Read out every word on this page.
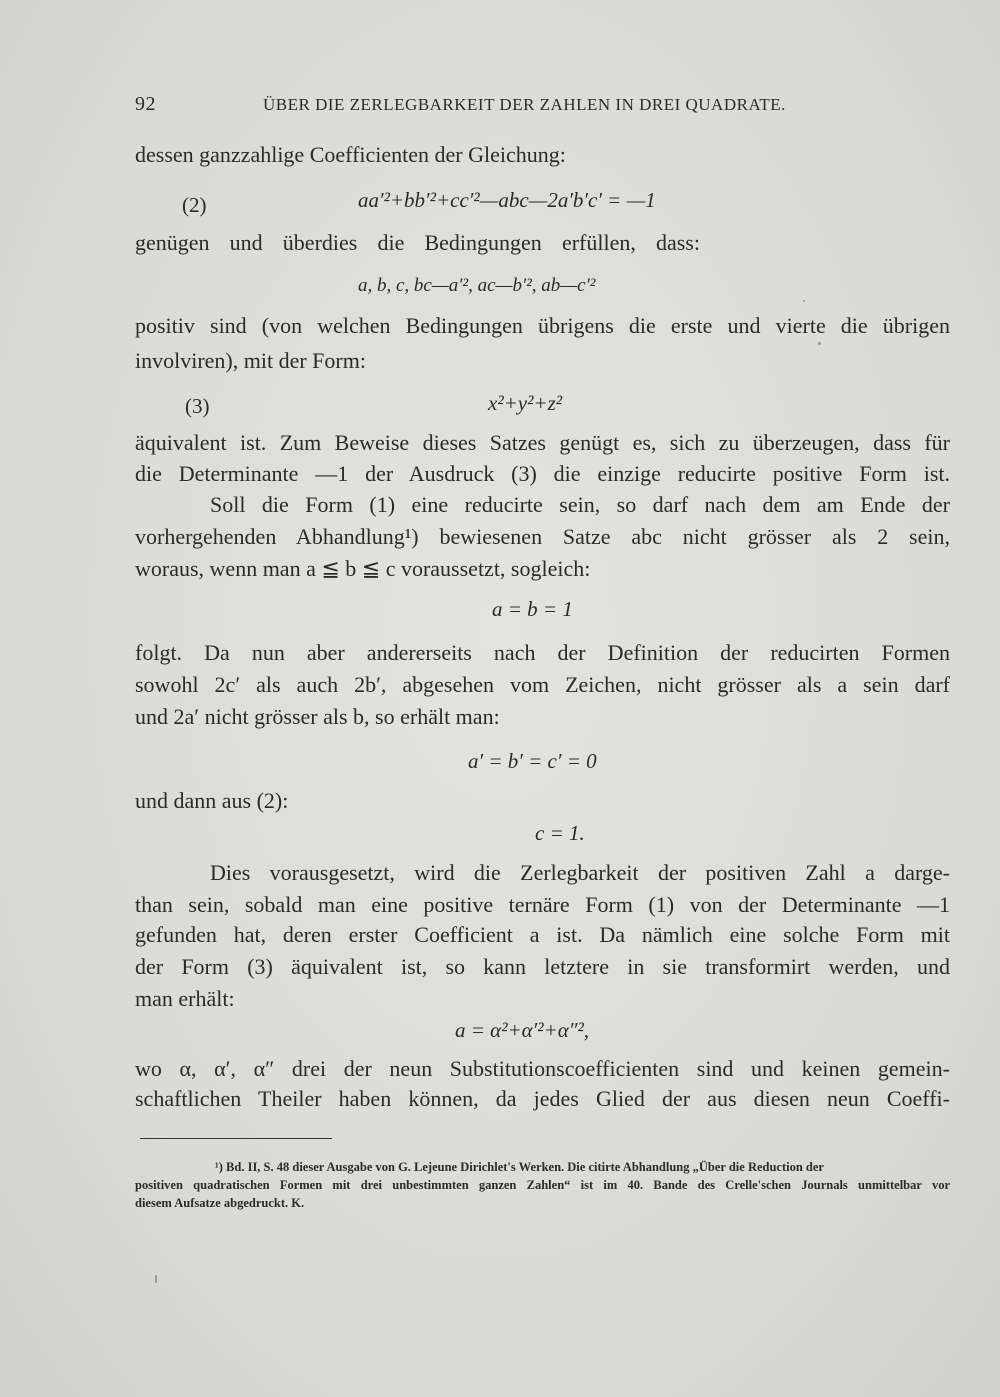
92	ÜBER DIE ZERLEGBARKEIT DER ZAHLEN IN DREI QUADRATE.
dessen ganzzahlige Coefficienten der Gleichung:
(2)	aa′²+bb′²+cc′²—abc—2a′b′c′ = —1
genügen und überdies die Bedingungen erfüllen, dass:
a, b, c, bc—a′², ac—b′², ab—c′²
positiv sind (von welchen Bedingungen übrigens die erste und vierte die übrigen
involviren), mit der Form:
(3)	x²+y²+z²
äquivalent ist. Zum Beweise dieses Satzes genügt es, sich zu überzeugen, dass für
die Determinante —1 der Ausdruck (3) die einzige reducirte positive Form ist.
Soll die Form (1) eine reducirte sein, so darf nach dem am Ende der
vorhergehenden Abhandlung¹) bewiesenen Satze abc nicht grösser als 2 sein,
woraus, wenn man a ≦ b ≦ c voraussetzt, sogleich:
a = b = 1
folgt. Da nun aber andererseits nach der Definition der reducirten Formen
sowohl 2c′ als auch 2b′, abgesehen vom Zeichen, nicht grösser als a sein darf
und 2a′ nicht grösser als b, so erhält man:
a′ = b′ = c′ = 0
und dann aus (2):
c = 1.
Dies vorausgesetzt, wird die Zerlegbarkeit der positiven Zahl a darge-
than sein, sobald man eine positive ternäre Form (1) von der Determinante —1
gefunden hat, deren erster Coefficient a ist. Da nämlich eine solche Form mit
der Form (3) äquivalent ist, so kann letztere in sie transformirt werden, und
man erhält:
a = α²+α′²+α″²,
wo α, α′, α″ drei der neun Substitutionscoefficienten sind und keinen gemein-
schaftlichen Theiler haben können, da jedes Glied der aus diesen neun Coeffi-
¹) Bd. II, S. 48 dieser Ausgabe von G. Lejeune Dirichlet's Werken. Die citirte Abhandlung „Über die Reduction der
positiven quadratischen Formen mit drei unbestimmten ganzen Zahlen“ ist im 40. Bande des Crelle'schen Journals unmittelbar vor
diesem Aufsatze abgedruckt. K.
